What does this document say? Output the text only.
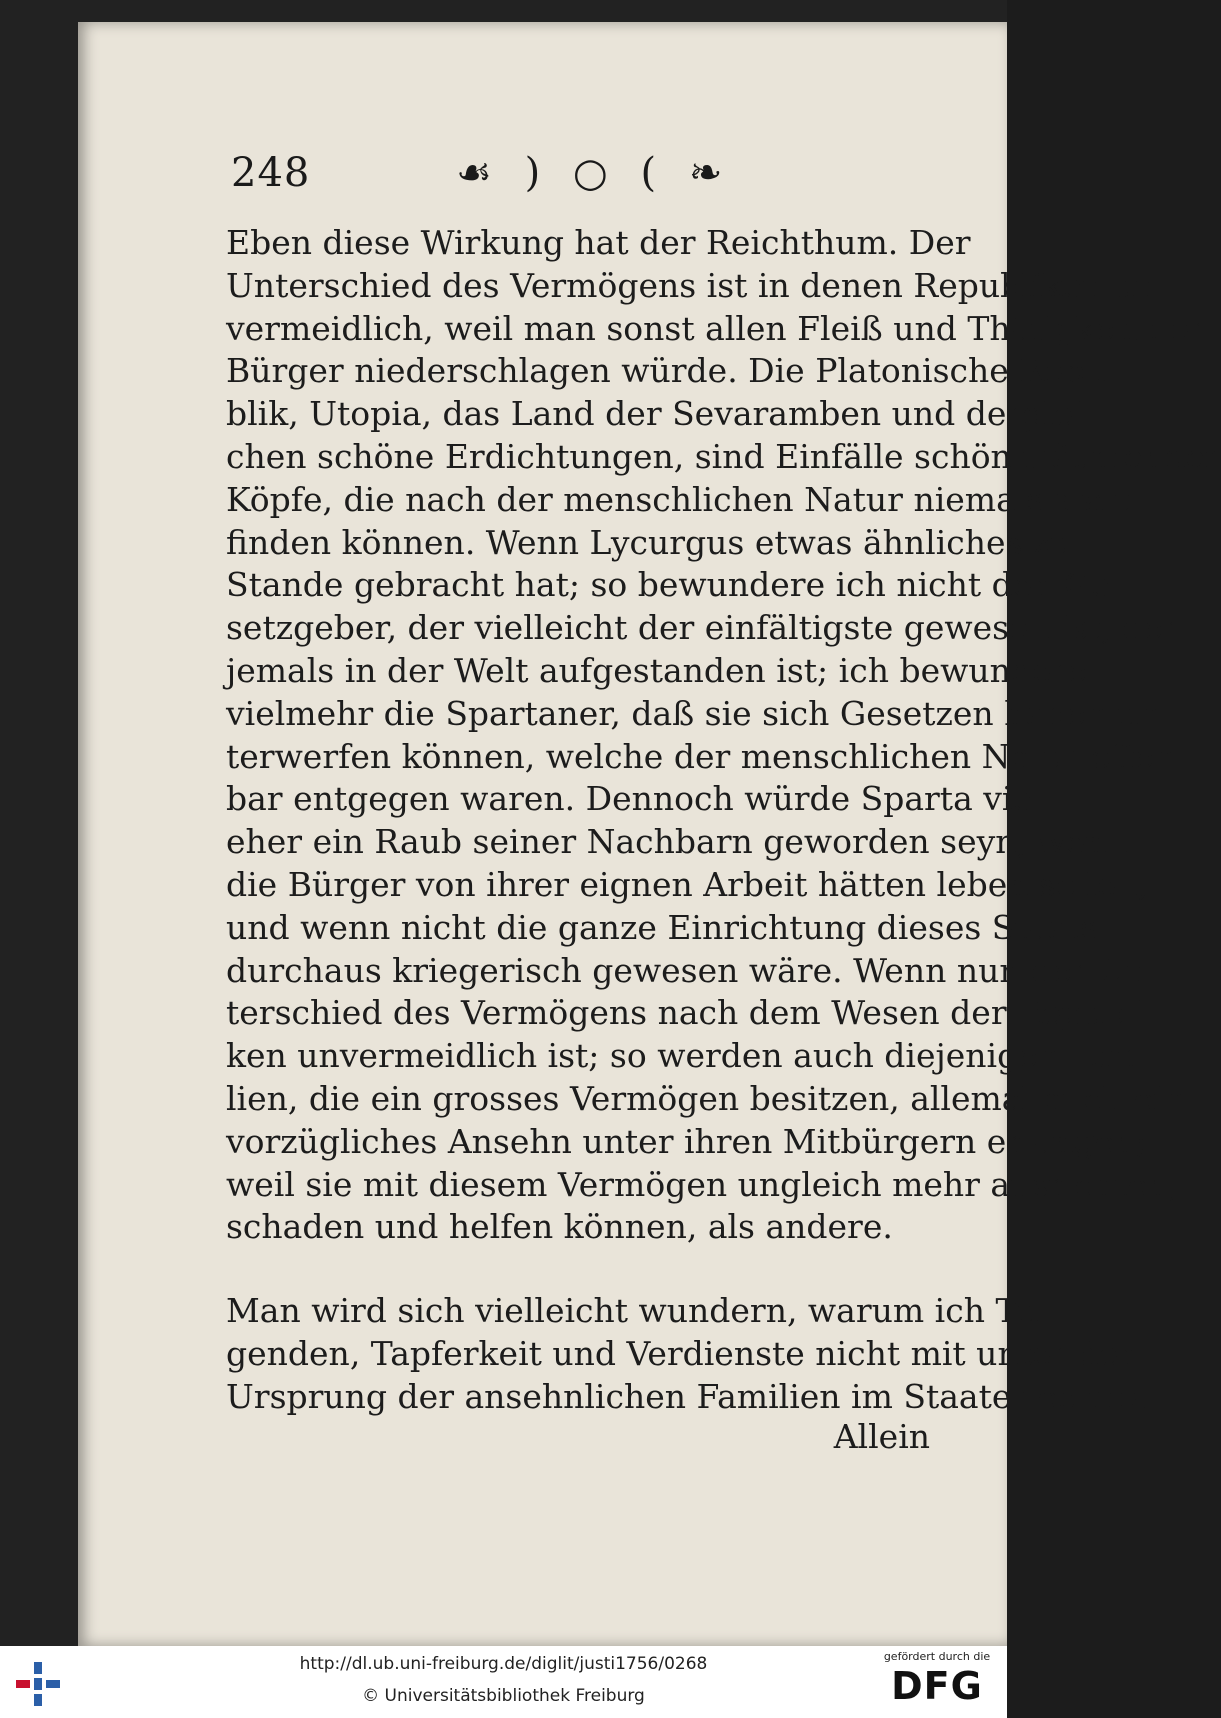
248	☙ ) ○ ( ❧
Eben diese Wirkung hat der Reichthum. Der
Unterschied des Vermögens ist in denen Republiken un-
vermeidlich, weil man sonst allen Fleiß und Thätigkeit der
Bürger niederschlagen würde. Die Platonische Repu-
blik, Utopia, das Land der Sevaramben und derglei-
chen schöne Erdichtungen, sind Einfälle schön träumender
Köpfe, die nach der menschlichen Natur niemals statt
finden können. Wenn Lycurgus etwas ähnliches zu
Stande gebracht hat; so bewundere ich nicht den Ge-
setzgeber, der vielleicht der einfältigste gewesen ist, der
jemals in der Welt aufgestanden ist; ich bewundere
vielmehr die Spartaner, daß sie sich Gesetzen haben un-
terwerfen können, welche der menschlichen Natur offen-
bar entgegen waren. Dennoch würde Sparta viel
eher ein Raub seiner Nachbarn geworden seyn, wenn
die Bürger von ihrer eignen Arbeit hätten leben sollen,
und wenn nicht die ganze Einrichtung dieses Staats
durchaus kriegerisch gewesen wäre. Wenn nun der Un-
terschied des Vermögens nach dem Wesen der Republi-
ken unvermeidlich ist; so werden auch diejenigen Fami-
lien, die ein grosses Vermögen besitzen, allemal auch ein
vorzügliches Ansehn unter ihren Mitbürgern erlangen;
weil sie mit diesem Vermögen ungleich mehr ausrichten,
schaden und helfen können, als andere.
Man wird sich vielleicht wundern, warum ich Tu-
genden, Tapferkeit und Verdienste nicht mit unter den
Ursprung der ansehnlichen Familien im Staate rechne.
Allein
http://dl.ub.uni-freiburg.de/diglit/justi1756/0268
© Universitätsbibliothek Freiburg
gefördert durch die
DFG
